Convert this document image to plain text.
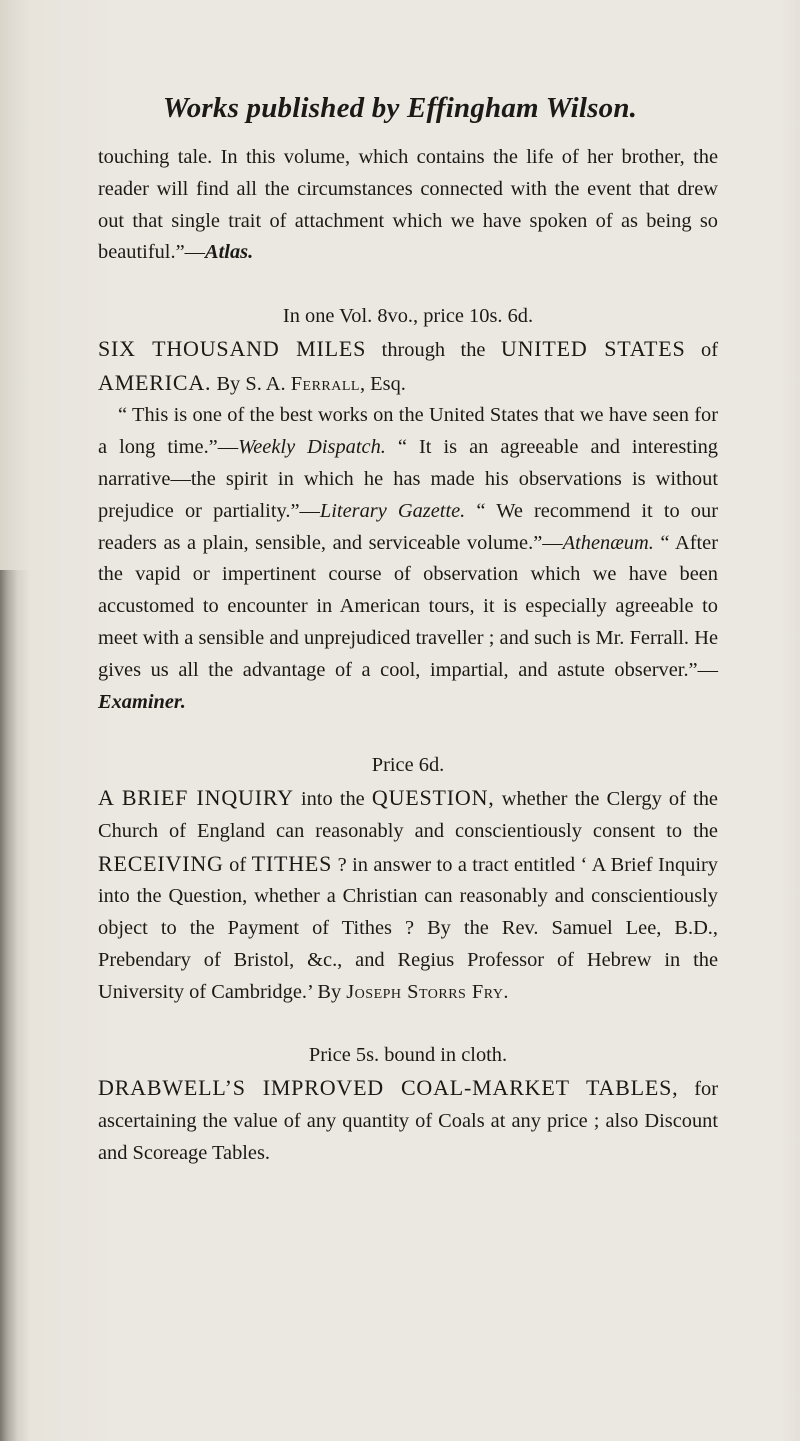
Works published by Effingham Wilson.

touching tale. In this volume, which contains the life of her brother, the reader will find all the circumstances connected with the event that drew out that single trait of attachment which we have spoken of as being so beautiful.”—Atlas.

In one Vol. 8vo., price 10s. 6d.

SIX THOUSAND MILES through the UNITED STATES of AMERICA. By S. A. Ferrall, Esq.

“ This is one of the best works on the United States that we have seen for a long time.”—Weekly Dispatch. “ It is an agreeable and interesting narrative—the spirit in which he has made his observations is without prejudice or partiality.”—Literary Gazette. “ We recommend it to our readers as a plain, sensible, and serviceable volume.”—Athenæum. “ After the vapid or impertinent course of observation which we have been accustomed to encounter in American tours, it is especially agreeable to meet with a sensible and unprejudiced traveller ; and such is Mr. Ferrall. He gives us all the advantage of a cool, impartial, and astute observer.”—Examiner.

Price 6d.

A BRIEF INQUIRY into the QUESTION, whether the Clergy of the Church of England can reasonably and conscientiously consent to the RECEIVING of TITHES ? in answer to a tract entitled ‘ A Brief Inquiry into the Question, whether a Christian can reasonably and conscientiously object to the Payment of Tithes ? By the Rev. Samuel Lee, B.D., Prebendary of Bristol, &c., and Regius Professor of Hebrew in the University of Cambridge.’ By Joseph Storrs Fry.

Price 5s. bound in cloth.

DRABWELL’S IMPROVED COAL-MARKET TABLES, for ascertaining the value of any quantity of Coals at any price ; also Discount and Scoreage Tables.
